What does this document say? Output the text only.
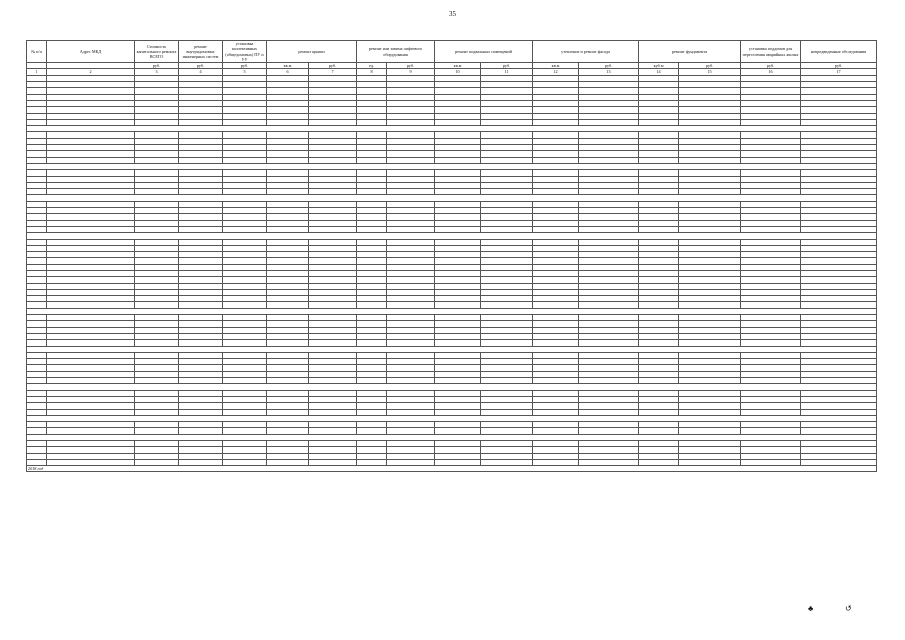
35
№ п/п	Адрес МКД	Стоимость капитального ремонта ВСЕГО	ремонт внутридомовых инженерных систем	установка коллективных (общедомовых) ПУ и УУ	ремонт крыши		ремонт или замена лифтового оборудования		ремонт подвальных помещений		утепление и ремонт фасада		ремонт фундамента		установка поддомов для переселения аварийных жилых	непредвиденные обследования
		руб.	руб.	руб.	кв.м	руб.	ед.	руб.	кв.м	руб.	кв.м	руб.	куб.м	руб.	руб.	руб.
1	2	3	4	5	6	7	8	9	10	11	12	13	14	15	16	17

2018 год																
♣	↺
